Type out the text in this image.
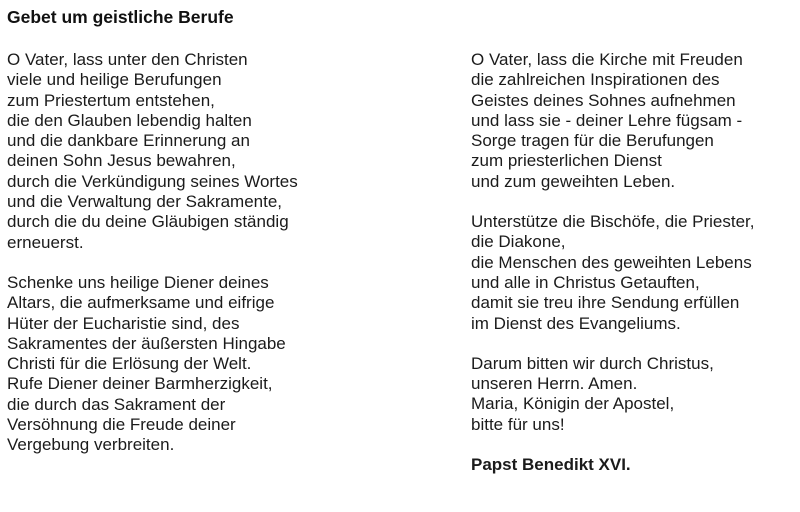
Gebet um geistliche Berufe

O Vater, lass unter den Christen
viele und heilige Berufungen
zum Priestertum entstehen,
die den Glauben lebendig halten
und die dankbare Erinnerung an
deinen Sohn Jesus bewahren,
durch die Verkündigung seines Wortes
und die Verwaltung der Sakramente,
durch die du deine Gläubigen ständig
erneuerst.

Schenke uns heilige Diener deines
Altars, die aufmerksame und eifrige
Hüter der Eucharistie sind, des
Sakramentes der äußersten Hingabe
Christi für die Erlösung der Welt.
Rufe Diener deiner Barmherzigkeit,
die durch das Sakrament der
Versöhnung die Freude deiner
Vergebung verbreiten.

O Vater, lass die Kirche mit Freuden
die zahlreichen Inspirationen des
Geistes deines Sohnes aufnehmen
und lass sie - deiner Lehre fügsam -
Sorge tragen für die Berufungen
zum priesterlichen Dienst
und zum geweihten Leben.

Unterstütze die Bischöfe, die Priester,
die Diakone,
die Menschen des geweihten Lebens
und alle in Christus Getauften,
damit sie treu ihre Sendung erfüllen
im Dienst des Evangeliums.

Darum bitten wir durch Christus,
unseren Herrn. Amen.
Maria, Königin der Apostel,
bitte für uns!

Papst Benedikt XVI.
